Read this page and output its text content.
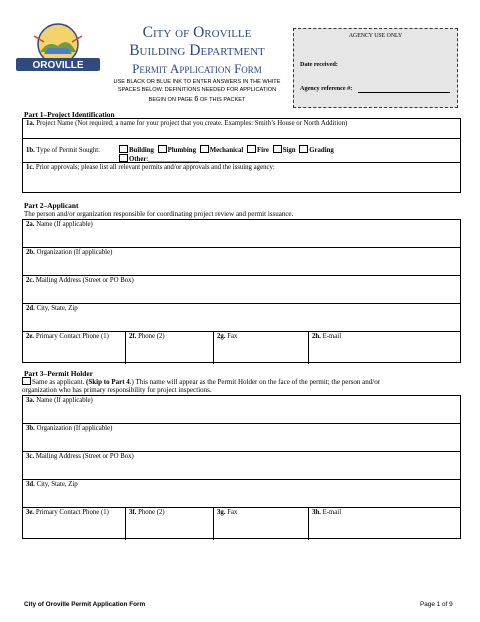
OROVILLE
City of Oroville
Building Department
Permit Application Form
USE BLACK OR BLUE INK TO ENTER ANSWERS IN THE WHITE
SPACES BELOW. DEFINITIONS NEEDED FOR APPLICATION
BEGIN ON PAGE 6 OF THIS PACKET
AGENCY USE ONLY
Date received:
Agency reference #:
Part 1–Project Identification
1a. Project Name (Not required; a name for your project that you create. Examples: Smith’s House or North Addition)
1b. Type of Permit Sought:	Building Plumbing Mechanical Fire Sign Grading
Other:_______________
1c. Prior approvals; please list all relevant permits and/or approvals and the issuing agency:
Part 2–Applicant
The person and/or organization responsible for coordinating project review and permit issuance.
2a. Name (If applicable)
2b. Organization (If applicable)
2c. Mailing Address (Street or PO Box)
2d. City, State, Zip
2e. Primary Contact Phone (1)	2f. Phone (2)	2g. Fax	2h. E-mail
Part 3–Permit Holder
Same as applicant. (Skip to Part 4.) This name will appear as the Permit Holder on the face of the permit; the person and/or
organization who has primary responsibility for project inspections.
3a. Name (If applicable)
3b. Organization (If applicable)
3c. Mailing Address (Street or PO Box)
3d. City, State, Zip
3e. Primary Contact Phone (1)	3f. Phone (2)	3g. Fax	3h. E-mail
City of Oroville Permit Application Form	Page 1 of 9
